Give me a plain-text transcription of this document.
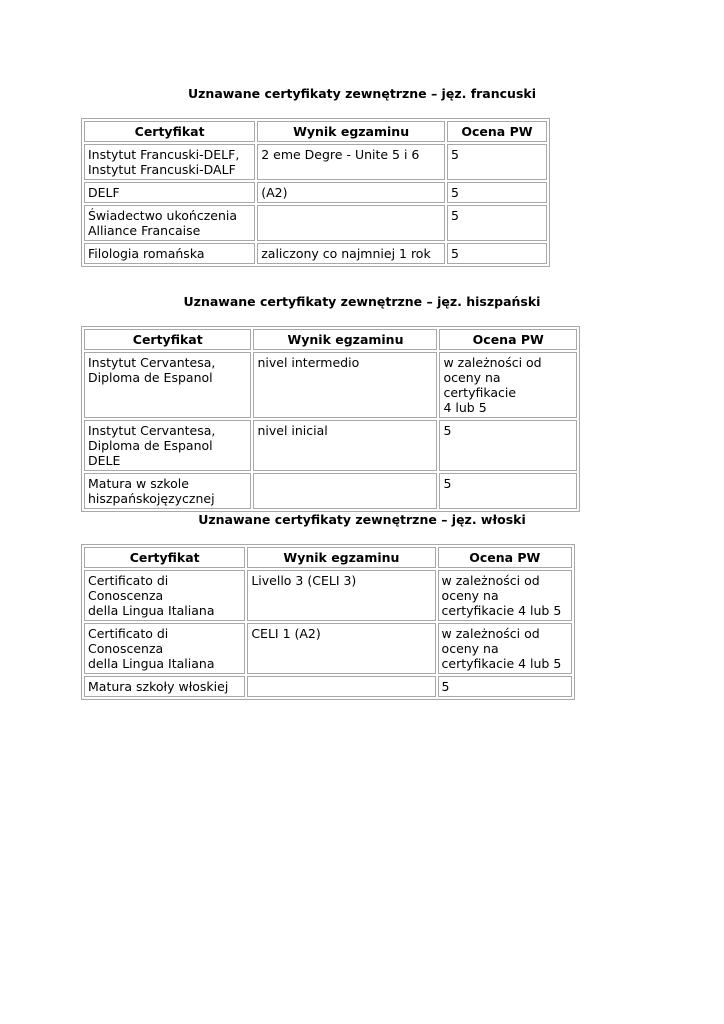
Uznawane certyfikaty zewnętrzne – jęz. francuski
Certyfikat	Wynik egzaminu	Ocena PW
Instytut Francuski-DELF,
Instytut Francuski-DALF	2 eme Degre - Unite 5 i 6	5
DELF	(A2)	5
Świadectwo ukończenia
Alliance Francaise		5
Filologia romańska	zaliczony co najmniej 1 rok	5
Uznawane certyfikaty zewnętrzne – jęz. hiszpański
Certyfikat	Wynik egzaminu	Ocena PW
Instytut Cervantesa,
Diploma de Espanol	nivel intermedio	w zależności od
oceny na certyfikacie
4 lub 5
Instytut Cervantesa,
Diploma de Espanol DELE	nivel inicial	5
Matura w szkole
hiszpańskojęzycznej		5
Uznawane certyfikaty zewnętrzne – jęz. włoski
Certyfikat	Wynik egzaminu	Ocena PW
Certificato di Conoscenza
della Lingua Italiana	Livello 3 (CELI 3)	w zależności od
oceny na
certyfikacie 4 lub 5
Certificato di Conoscenza
della Lingua Italiana	CELI 1 (A2)	w zależności od
oceny na
certyfikacie 4 lub 5
Matura szkoły włoskiej		5
